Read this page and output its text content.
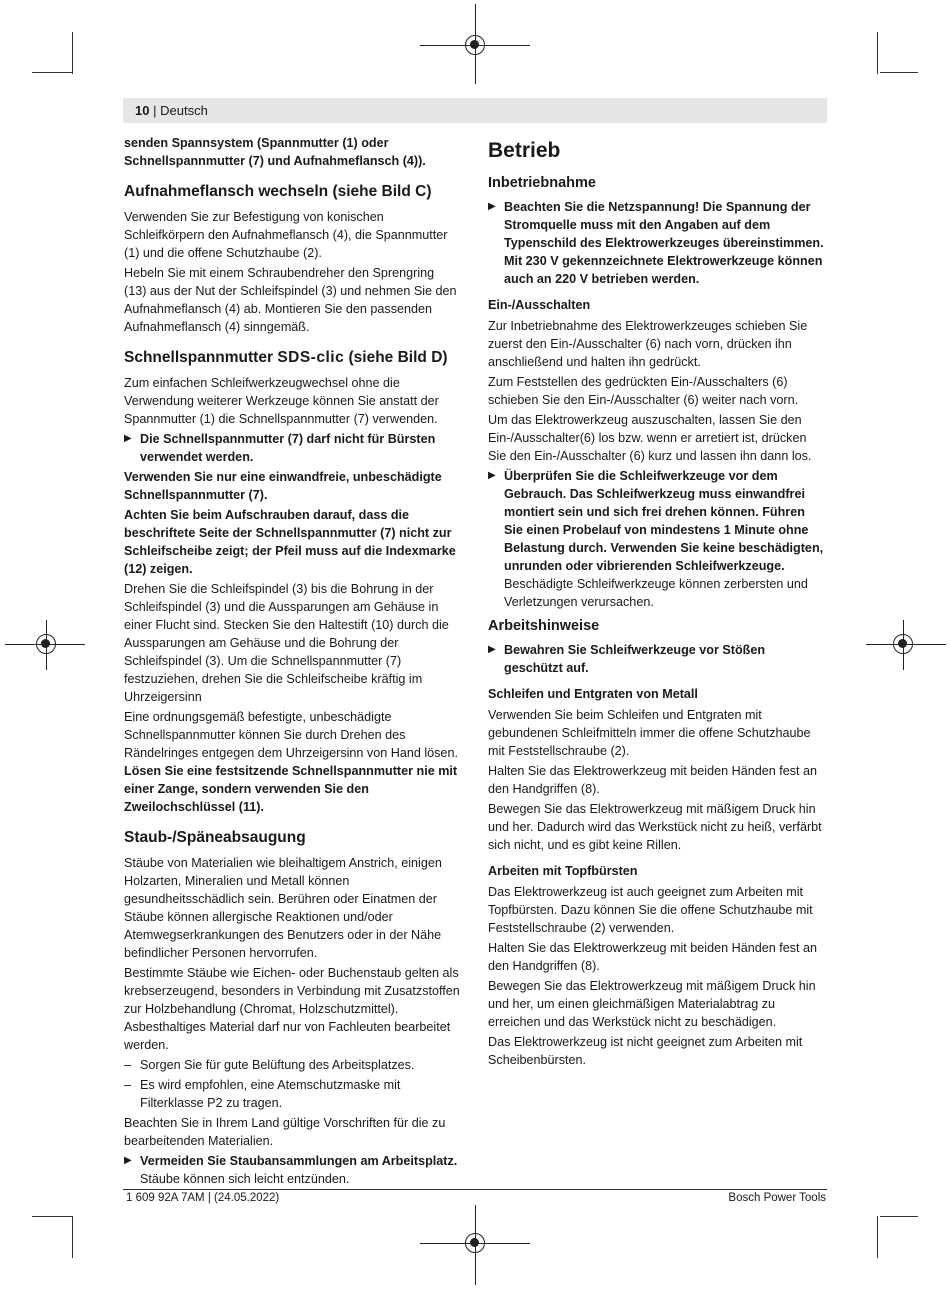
10 | Deutsch

senden Spannsystem (Spannmutter (1) oder Schnellspannmutter (7) und Aufnahmeflansch (4)).

Aufnahmeflansch wechseln (siehe Bild C)

Verwenden Sie zur Befestigung von konischen Schleifkörpern den Aufnahmeflansch (4), die Spannmutter (1) und die offene Schutzhaube (2).

Hebeln Sie mit einem Schraubendreher den Sprengring (13) aus der Nut der Schleifspindel (3) und nehmen Sie den Aufnahmeflansch (4) ab. Montieren Sie den passenden Aufnahmeflansch (4) sinngemäß.

Schnellspannmutter SDS-clic (siehe Bild D)

Zum einfachen Schleifwerkzeugwechsel ohne die Verwendung weiterer Werkzeuge können Sie anstatt der Spannmutter (1) die Schnellspannmutter (7) verwenden.

▶ Die Schnellspannmutter (7) darf nicht für Bürsten verwendet werden.

Verwenden Sie nur eine einwandfreie, unbeschädigte Schnellspannmutter (7).

Achten Sie beim Aufschrauben darauf, dass die beschriftete Seite der Schnellspannmutter (7) nicht zur Schleifscheibe zeigt; der Pfeil muss auf die Indexmarke (12) zeigen.

Drehen Sie die Schleifspindel (3) bis die Bohrung in der Schleifspindel (3) und die Aussparungen am Gehäuse in einer Flucht sind. Stecken Sie den Haltestift (10) durch die Aussparungen am Gehäuse und die Bohrung der Schleifspindel (3). Um die Schnellspannmutter (7) festzuziehen, drehen Sie die Schleifscheibe kräftig im Uhrzeigersinn

Eine ordnungsgemäß befestigte, unbeschädigte Schnellspannmutter können Sie durch Drehen des Rändelringes entgegen dem Uhrzeigersinn von Hand lösen. Lösen Sie eine festsitzende Schnellspannmutter nie mit einer Zange, sondern verwenden Sie den Zweilochschlüssel (11).

Staub-/Späneabsaugung

Stäube von Materialien wie bleihaltigem Anstrich, einigen Holzarten, Mineralien und Metall können gesundheitsschädlich sein. Berühren oder Einatmen der Stäube können allergische Reaktionen und/oder Atemwegserkrankungen des Benutzers oder in der Nähe befindlicher Personen hervorrufen.

Bestimmte Stäube wie Eichen- oder Buchenstaub gelten als krebserzeugend, besonders in Verbindung mit Zusatzstoffen zur Holzbehandlung (Chromat, Holzschutzmittel). Asbesthaltiges Material darf nur von Fachleuten bearbeitet werden.

– Sorgen Sie für gute Belüftung des Arbeitsplatzes.

– Es wird empfohlen, eine Atemschutzmaske mit Filterklasse P2 zu tragen.

Beachten Sie in Ihrem Land gültige Vorschriften für die zu bearbeitenden Materialien.

▶ Vermeiden Sie Staubansammlungen am Arbeitsplatz. Stäube können sich leicht entzünden.

Betrieb
Inbetriebnahme

▶ Beachten Sie die Netzspannung! Die Spannung der Stromquelle muss mit den Angaben auf dem Typenschild des Elektrowerkzeuges übereinstimmen. Mit 230 V gekennzeichnete Elektrowerkzeuge können auch an 220 V betrieben werden.

Ein-/Ausschalten

Zur Inbetriebnahme des Elektrowerkzeuges schieben Sie zuerst den Ein-/Ausschalter (6) nach vorn, drücken ihn anschließend und halten ihn gedrückt.

Zum Feststellen des gedrückten Ein-/Ausschalters (6) schieben Sie den Ein-/Ausschalter (6) weiter nach vorn.

Um das Elektrowerkzeug auszuschalten, lassen Sie den Ein-/Ausschalter(6) los bzw. wenn er arretiert ist, drücken Sie den Ein-/Ausschalter (6) kurz und lassen ihn dann los.

▶ Überprüfen Sie die Schleifwerkzeuge vor dem Gebrauch. Das Schleifwerkzeug muss einwandfrei montiert sein und sich frei drehen können. Führen Sie einen Probelauf von mindestens 1 Minute ohne Belastung durch. Verwenden Sie keine beschädigten, unrunden oder vibrierenden Schleifwerkzeuge. Beschädigte Schleifwerkzeuge können zerbersten und Verletzungen verursachen.

Arbeitshinweise

▶ Bewahren Sie Schleifwerkzeuge vor Stößen geschützt auf.

Schleifen und Entgraten von Metall

Verwenden Sie beim Schleifen und Entgraten mit gebundenen Schleifmitteln immer die offene Schutzhaube mit Feststellschraube (2).

Halten Sie das Elektrowerkzeug mit beiden Händen fest an den Handgriffen (8).

Bewegen Sie das Elektrowerkzeug mit mäßigem Druck hin und her. Dadurch wird das Werkstück nicht zu heiß, verfärbt sich nicht, und es gibt keine Rillen.

Arbeiten mit Topfbürsten

Das Elektrowerkzeug ist auch geeignet zum Arbeiten mit Topfbürsten. Dazu können Sie die offene Schutzhaube mit Feststellschraube (2) verwenden.

Halten Sie das Elektrowerkzeug mit beiden Händen fest an den Handgriffen (8).

Bewegen Sie das Elektrowerkzeug mit mäßigem Druck hin und her, um einen gleichmäßigen Materialabtrag zu erreichen und das Werkstück nicht zu beschädigen.

Das Elektrowerkzeug ist nicht geeignet zum Arbeiten mit Scheibenbürsten.

1 609 92A 7AM | (24.05.2022)	Bosch Power Tools
